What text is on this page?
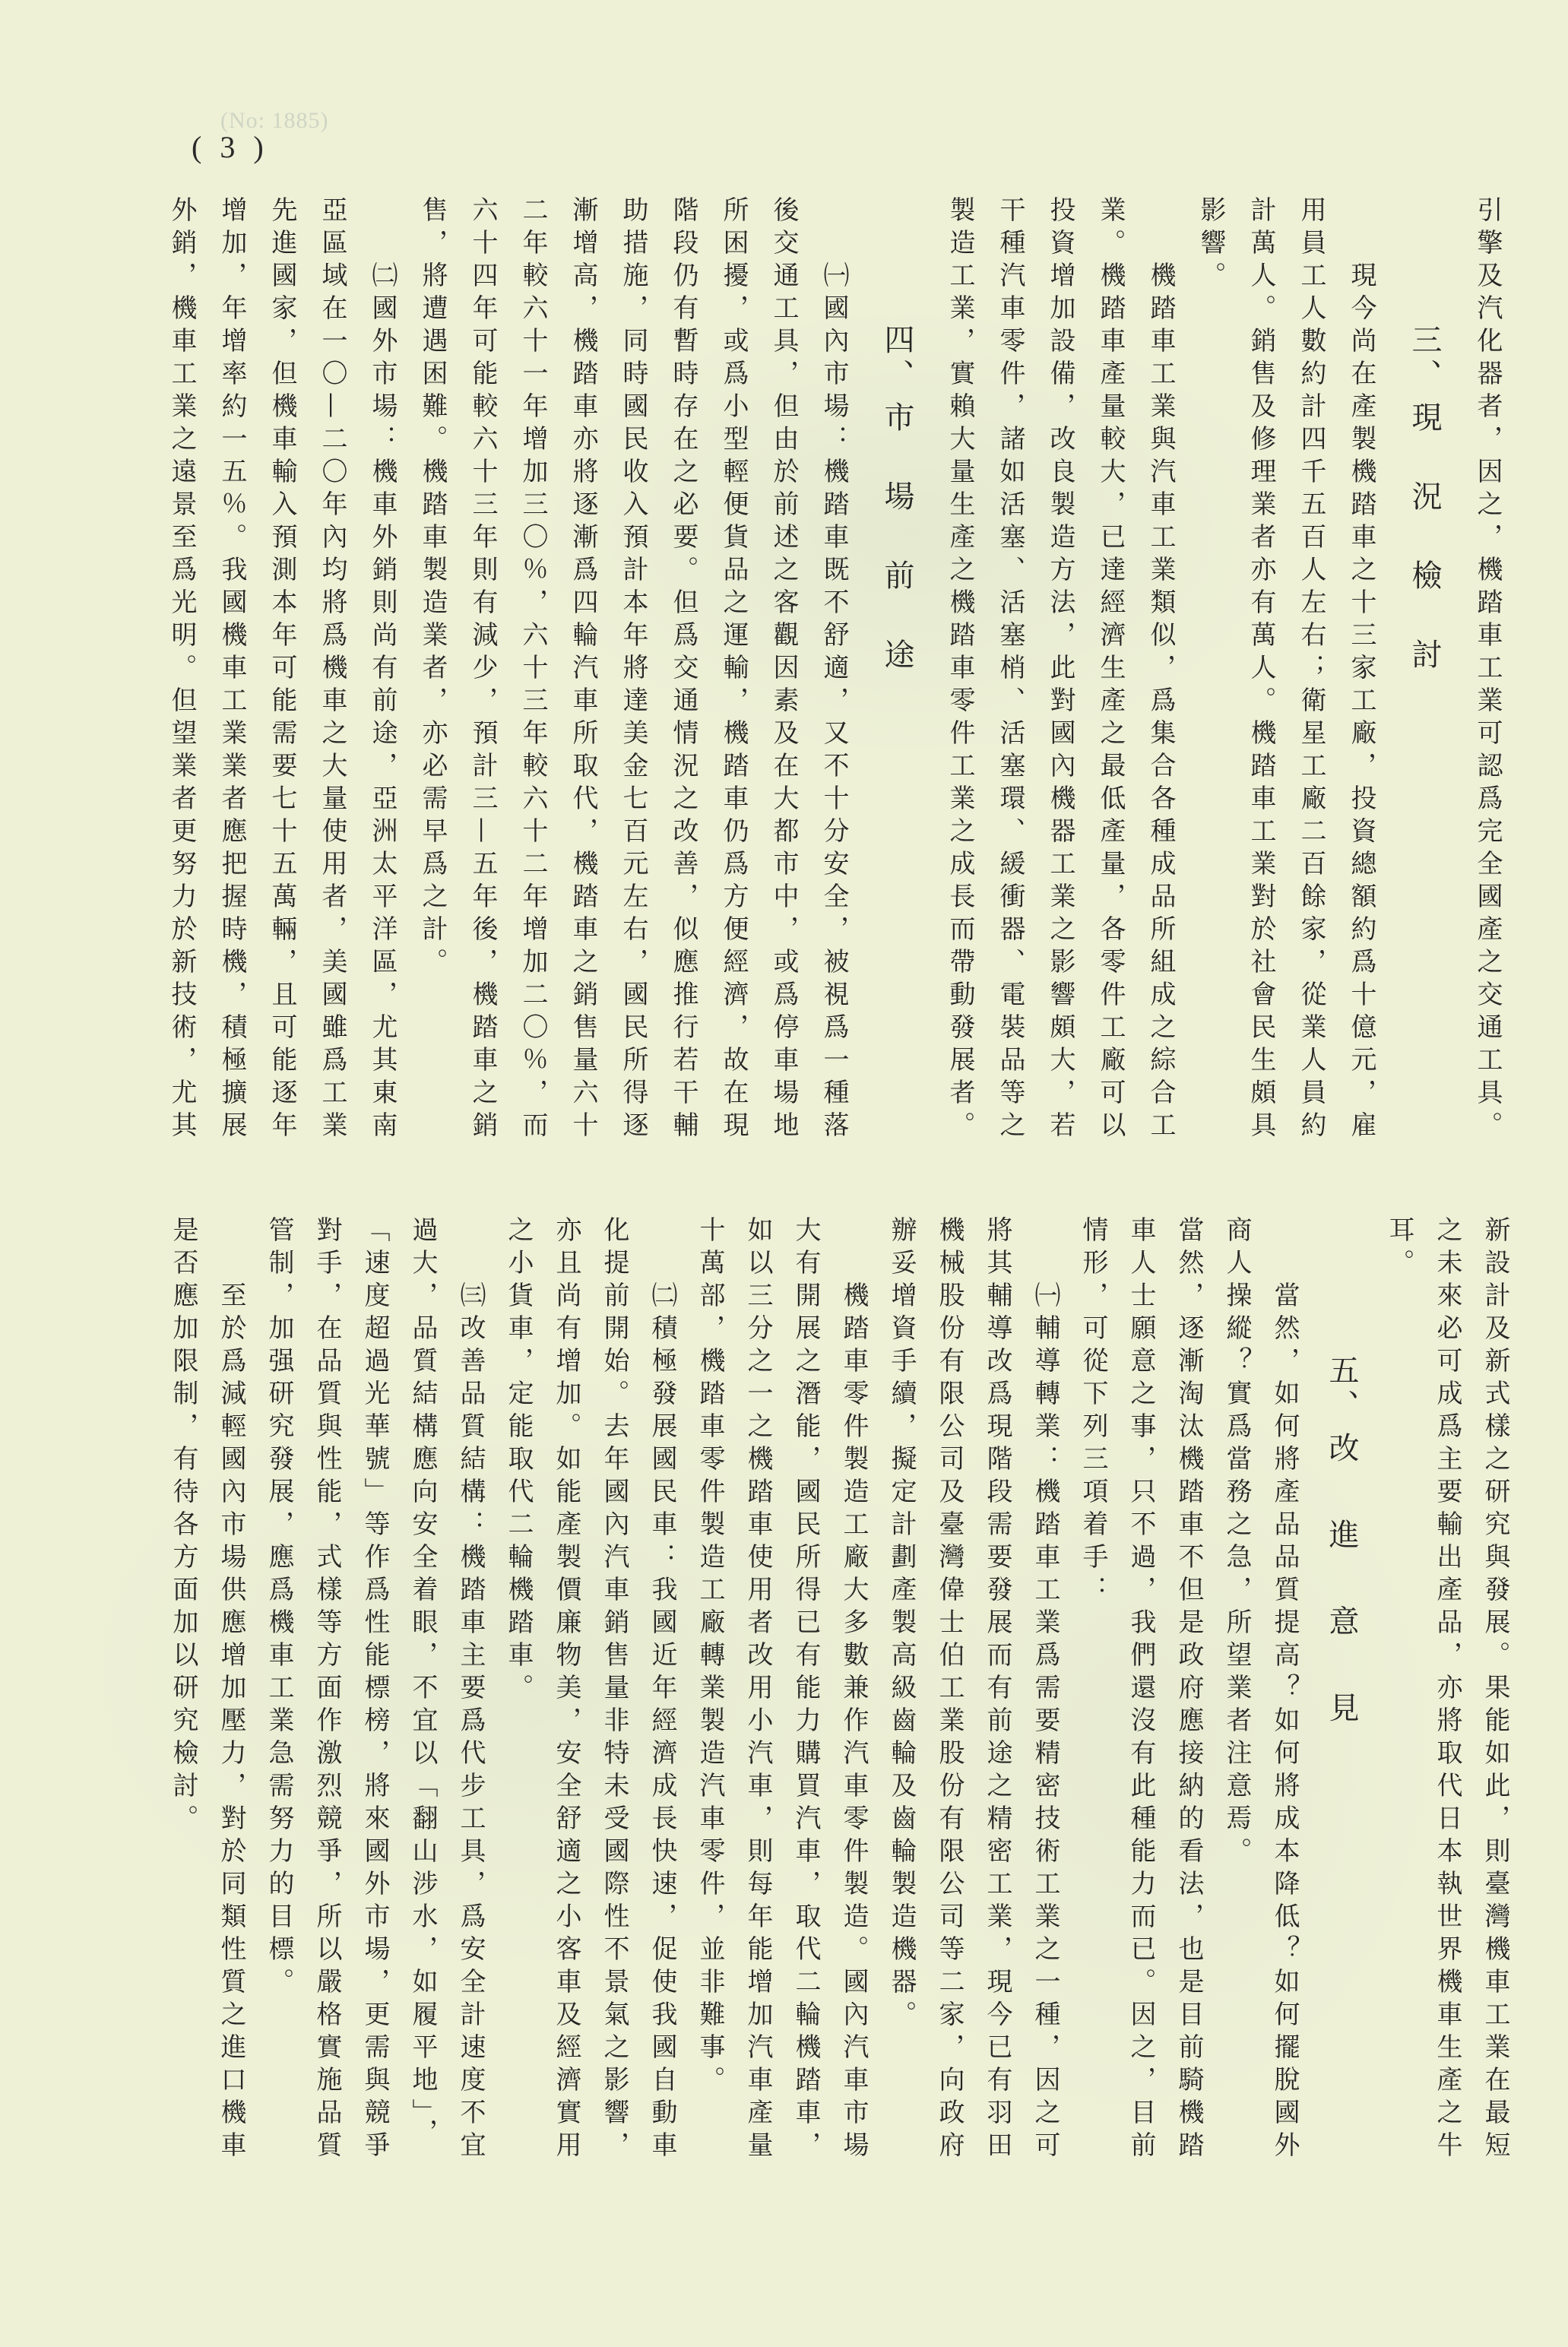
(No: 1885)
( 3 )
引擎及汽化器者，因之，機踏車工業可認爲完全國產之交通工具。
三、現況檢討
現今尚在產製機踏車之十三家工廠，投資總額約爲十億元，雇
用員工人數約計四千五百人左右；衛星工廠二百餘家，從業人員約
計萬人。銷售及修理業者亦有萬人。機踏車工業對於社會民生頗具
影響。
機踏車工業與汽車工業類似，爲集合各種成品所組成之綜合工
業。機踏車產量較大，已達經濟生產之最低產量，各零件工廠可以
投資增加設備，改良製造方法，此對國內機器工業之影響頗大，若
干種汽車零件，諸如活塞、活塞梢、活塞環、緩衝器、電裝品等之
製造工業，實賴大量生產之機踏車零件工業之成長而帶動發展者。
四、市場前途
㈠國內市場：機踏車既不舒適，又不十分安全，被視爲一種落
後交通工具，但由於前述之客觀因素及在大都市中，或爲停車場地
所困擾，或爲小型輕便貨品之運輸，機踏車仍爲方便經濟，故在現
階段仍有暫時存在之必要。但爲交通情況之改善，似應推行若干輔
助措施，同時國民收入預計本年將達美金七百元左右，國民所得逐
漸增高，機踏車亦將逐漸爲四輪汽車所取代，機踏車之銷售量六十
二年較六十一年增加三〇％，六十三年較六十二年增加二〇％，而
六十四年可能較六十三年則有減少，預計三—五年後，機踏車之銷
售，將遭遇困難。機踏車製造業者，亦必需早爲之計。
㈡國外市場：機車外銷則尚有前途，亞洲太平洋區，尤其東南
亞區域在一〇—二〇年內均將爲機車之大量使用者，美國雖爲工業
先進國家，但機車輸入預測本年可能需要七十五萬輛，且可能逐年
增加，年增率約一五％。我國機車工業業者應把握時機，積極擴展
外銷，機車工業之遠景至爲光明。但望業者更努力於新技術，尤其
新設計及新式樣之研究與發展。果能如此，則臺灣機車工業在最短
之未來必可成爲主要輸出產品，亦將取代日本執世界機車生產之牛
耳。
五、改進意見
當然，如何將產品品質提高？如何將成本降低？如何擺脫國外
商人操縱？實爲當務之急，所望業者注意焉。
當然，逐漸淘汰機踏車不但是政府應接納的看法，也是目前騎機踏
車人士願意之事，只不過，我們還沒有此種能力而已。因之，目前
情形，可從下列三項着手：
㈠輔導轉業：機踏車工業爲需要精密技術工業之一種，因之可
將其輔導改爲現階段需要發展而有前途之精密工業，現今已有羽田
機械股份有限公司及臺灣偉士伯工業股份有限公司等二家，向政府
辦妥增資手續，擬定計劃產製高級齒輪及齒輪製造機器。
機踏車零件製造工廠大多數兼作汽車零件製造。國內汽車市場
大有開展之潛能，國民所得已有能力購買汽車，取代二輪機踏車，
如以三分之一之機踏車使用者改用小汽車，則每年能增加汽車產量
十萬部，機踏車零件製造工廠轉業製造汽車零件，並非難事。
㈡積極發展國民車：我國近年經濟成長快速，促使我國自動車
化提前開始。去年國內汽車銷售量非特未受國際性不景氣之影響，
亦且尚有增加。如能產製價廉物美，安全舒適之小客車及經濟實用
之小貨車，定能取代二輪機踏車。
㈢改善品質結構：機踏車主要爲代步工具，爲安全計速度不宜
過大，品質結構應向安全着眼，不宜以「翻山涉水，如履平地」，
「速度超過光華號」等作爲性能標榜，將來國外市場，更需與競爭
對手，在品質與性能，式樣等方面作激烈競爭，所以嚴格實施品質
管制，加强研究發展，應爲機車工業急需努力的目標。
至於爲減輕國內市場供應增加壓力，對於同類性質之進口機車
是否應加限制，有待各方面加以研究檢討。
